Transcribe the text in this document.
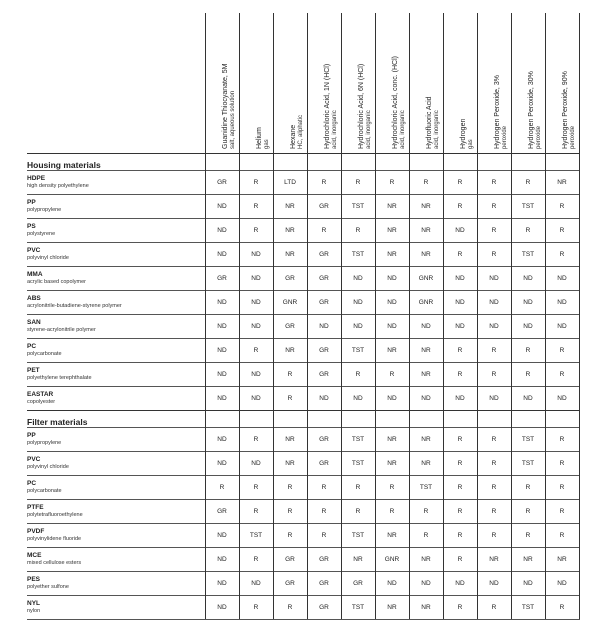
	Guanidine Thiocyanate, 5M salt, aqueous solution	Helium gas	Hexane HC, aliphatic	Hydrochloric Acid, 1N (HCl) acid, inorganic	Hydrochloric Acid, 6N (HCl) acid, inorganic	Hydrochloric Acid, conc. (HCl) acid, inorganic	Hydrofluoric Acid acid, inorganic	Hydrogen gas	Hydrogen Peroxide, 3% peroxide	Hydrogen Peroxide, 30% peroxide	Hydrogen Peroxide, 90% peroxide

Housing materials											

HDPE
high density polyethylene	GR	R	LTD	R	R	R	R	R	R	R	NR

PP
polypropylene	ND	R	NR	GR	TST	NR	NR	R	R	TST	R

PS
polystyrene	ND	R	NR	R	R	NR	NR	ND	R	R	R

PVC
polyvinyl chloride	ND	ND	NR	GR	TST	NR	NR	R	R	TST	R

MMA
acrylic based copolymer	GR	ND	GR	GR	ND	ND	GNR	ND	ND	ND	ND

ABS
acrylonitrile-butadiene-styrene polymer	ND	ND	GNR	GR	ND	ND	GNR	ND	ND	ND	ND

SAN
styrene-acrylonitrile polymer	ND	ND	GR	ND	ND	ND	ND	ND	ND	ND	ND

PC
polycarbonate	ND	R	NR	GR	TST	NR	NR	R	R	R	R

PET
polyethylene terephthalate	ND	ND	R	GR	R	R	NR	R	R	R	R

EASTAR
copolyester	ND	ND	R	ND	ND	ND	ND	ND	ND	ND	ND
Filter materials											

PP
polypropylene	ND	R	NR	GR	TST	NR	NR	R	R	TST	R

PVC
polyvinyl chloride	ND	ND	NR	GR	TST	NR	NR	R	R	TST	R

PC
polycarbonate	R	R	R	R	R	R	TST	R	R	R	R

PTFE
polytetrafluoroethylene	GR	R	R	R	R	R	R	R	R	R	R

PVDF
polyvinylidene fluoride	ND	TST	R	R	TST	NR	R	R	R	R	R

MCE
mixed cellulose esters	ND	R	GR	GR	NR	GNR	NR	R	NR	NR	NR

PES
polyether sulfone	ND	ND	GR	GR	GR	ND	ND	ND	ND	ND	ND

NYL
nylon	ND	R	R	GR	TST	NR	NR	R	R	TST	R
